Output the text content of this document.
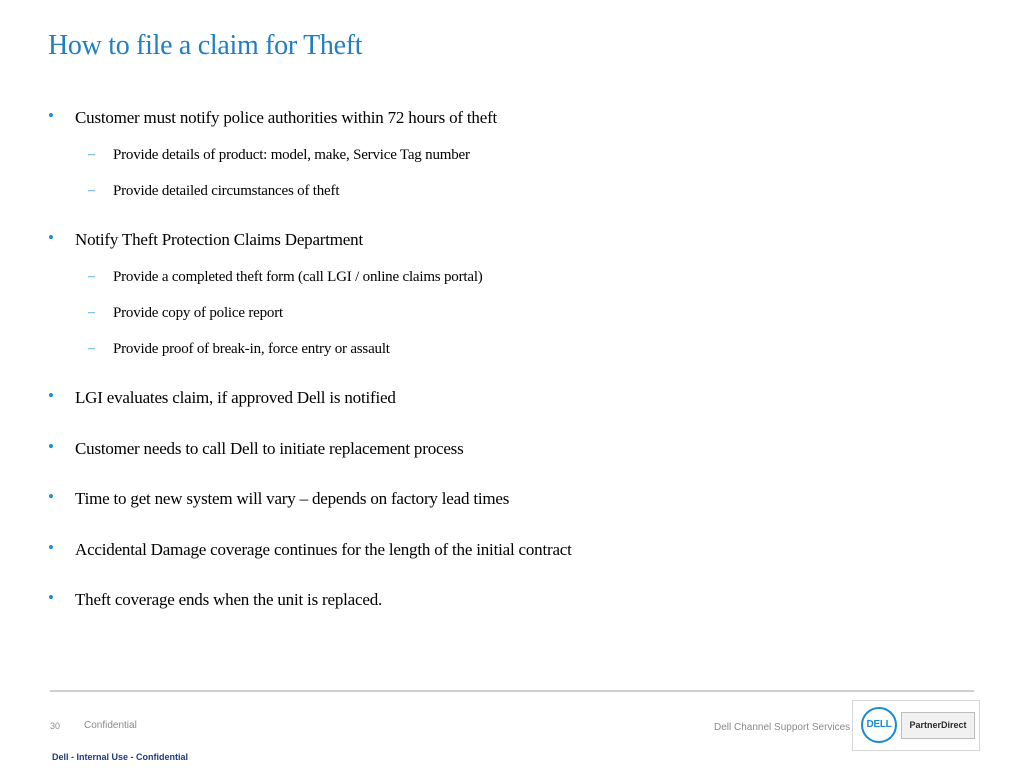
How to file a claim for Theft
• Customer must notify police authorities within 72 hours of theft
– Provide details of product: model, make, Service Tag number
– Provide detailed circumstances of theft
• Notify Theft Protection Claims Department
– Provide a completed theft form (call LGI / online claims portal)
– Provide copy of police report
– Provide proof of break-in, force entry or assault
• LGI evaluates claim, if approved Dell is notified
• Customer needs to call Dell to initiate replacement process
• Time to get new system will vary – depends on factory lead times
• Accidental Damage coverage continues for the length of the initial contract
• Theft coverage ends when the unit is replaced.
30 Confidential	Dell Channel Support Services	DELL	PartnerDirect
Dell - Internal Use - Confidential
